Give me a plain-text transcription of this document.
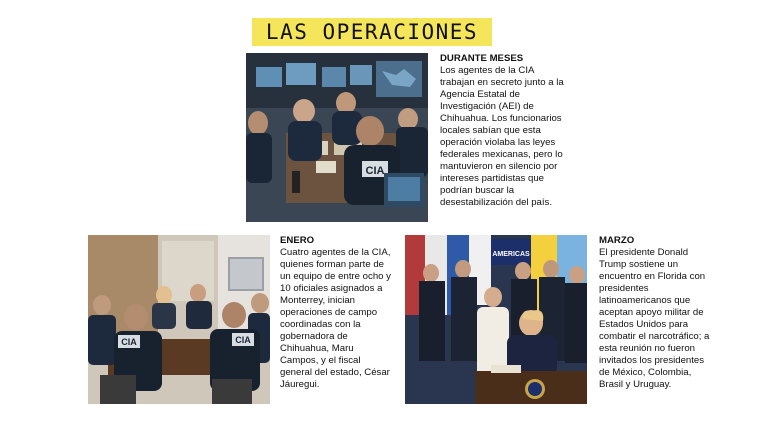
LAS OPERACIONES
CIA
DURANTE MESES
Los agentes de la CIA trabajan en secreto junto a la Agencia Estatal de Investigación (AEI) de Chihuahua. Los funcionarios locales sabían que esta operación violaba las leyes federales mexicanas, pero lo mantuvieron en silencio por intereses partidistas que podrían buscar la desestabilización del país.
CIA	CIA
ENERO
Cuatro agentes de la CIA, quienes forman parte de un equipo de entre ocho y 10 oficiales asignados a Monterrey, inician operaciones de campo coordinadas con la gobernadora de Chihuahua, Maru Campos, y el fiscal general del estado, César Jáuregui.
AMERICAS
MARZO
El presidente Donald Trump sostiene un encuentro en Florida con presidentes latinoamericanos que aceptan apoyo militar de Estados Unidos para combatir el narcotráfico; a esta reunión no fueron invitados los presidentes de México, Colombia, Brasil y Uruguay.
